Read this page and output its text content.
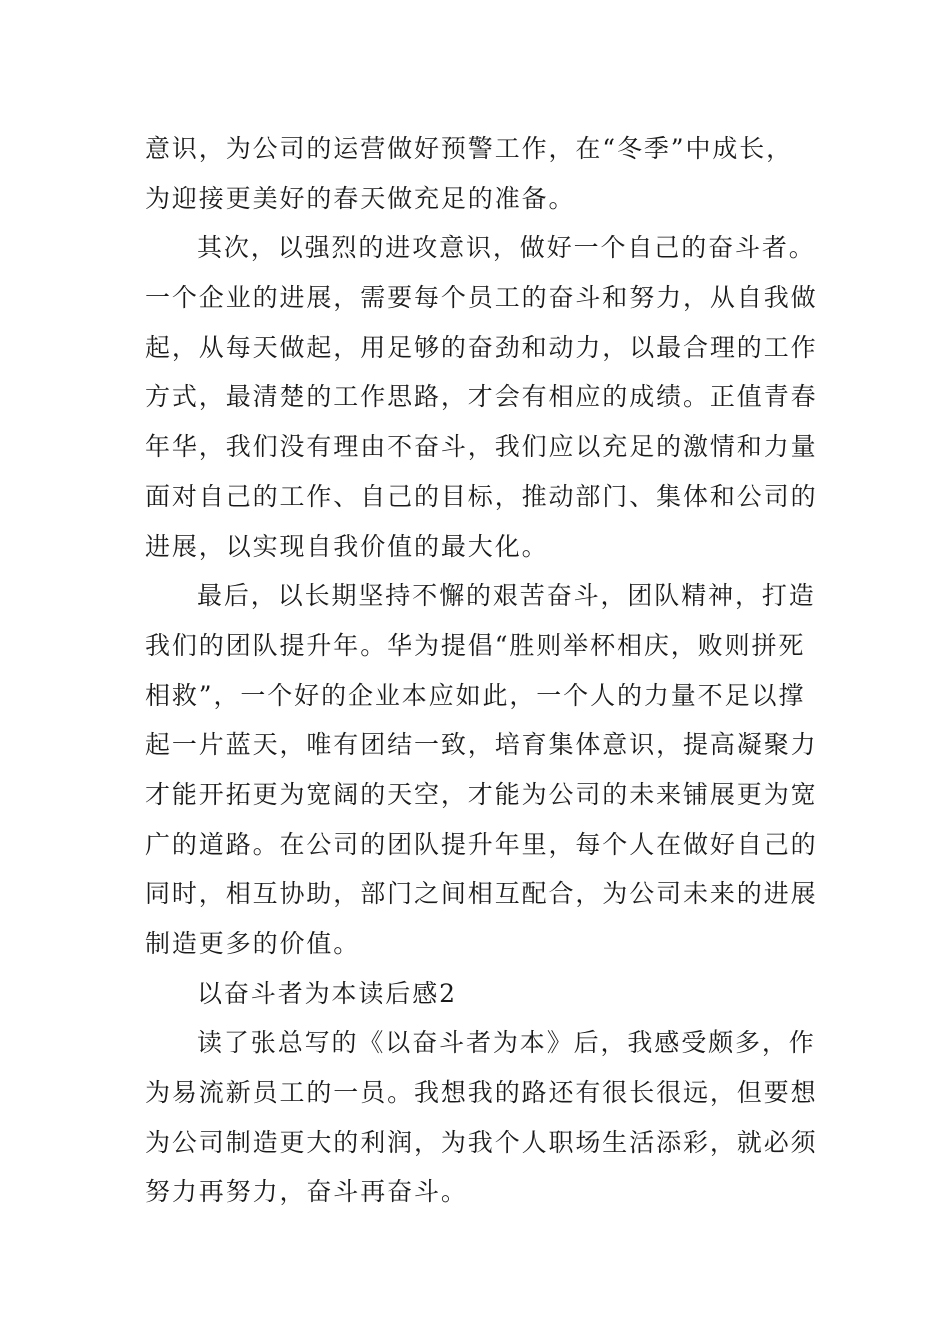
意识，为公司的运营做好预警工作，在“冬季”中成长，
为迎接更美好的春天做充足的准备。
其次，以强烈的进攻意识，做好一个自己的奋斗者。
一个企业的进展，需要每个员工的奋斗和努力，从自我做
起，从每天做起，用足够的奋劲和动力，以最合理的工作
方式，最清楚的工作思路，才会有相应的成绩。正值青春
年华，我们没有理由不奋斗，我们应以充足的激情和力量
面对自己的工作、自己的目标，推动部门、集体和公司的
进展，以实现自我价值的最大化。
最后，以长期坚持不懈的艰苦奋斗，团队精神，打造
我们的团队提升年。华为提倡“胜则举杯相庆，败则拼死
相救”，一个好的企业本应如此，一个人的力量不足以撑
起一片蓝天，唯有团结一致，培育集体意识，提高凝聚力
才能开拓更为宽阔的天空，才能为公司的未来铺展更为宽
广的道路。在公司的团队提升年里，每个人在做好自己的
同时，相互协助，部门之间相互配合，为公司未来的进展
制造更多的价值。
以奋斗者为本读后感2
读了张总写的《以奋斗者为本》后，我感受颇多，作
为易流新员工的一员。我想我的路还有很长很远，但要想
为公司制造更大的利润，为我个人职场生活添彩，就必须
努力再努力，奋斗再奋斗。
